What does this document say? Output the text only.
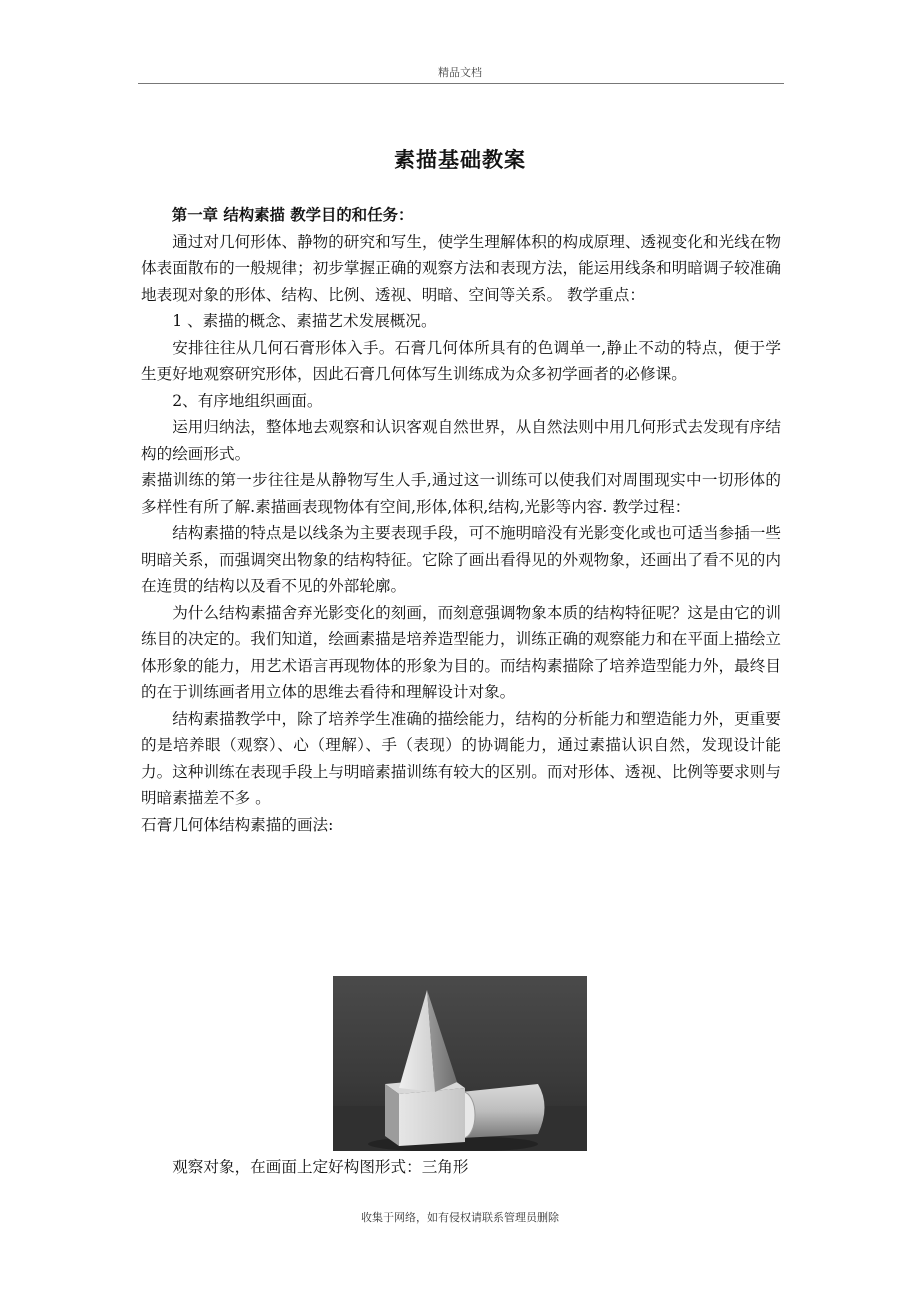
精品文档
素描基础教案

第一章 结构素描 教学目的和任务：

通过对几何形体、静物的研究和写生，使学生理解体积的构成原理、透视变化和光线在物体表面散布的一般规律；初步掌握正确的观察方法和表现方法，能运用线条和明暗调子较准确地表现对象的形体、结构、比例、透视、明暗、空间等关系。 教学重点：

1 、素描的概念、素描艺术发展概况。

安排往往从几何石膏形体入手。石膏几何体所具有的色调单一,静止不动的特点，便于学生更好地观察研究形体，因此石膏几何体写生训练成为众多初学画者的必修课。

2、有序地组织画面。

运用归纳法，整体地去观察和认识客观自然世界，从自然法则中用几何形式去发现有序结构的绘画形式。

素描训练的第一步往往是从静物写生人手,通过这一训练可以使我们对周围现实中一切形体的多样性有所了解.素描画表现物体有空间,形体,体积,结构,光影等内容. 教学过程：

结构素描的特点是以线条为主要表现手段，可不施明暗没有光影变化或也可适当参插一些明暗关系，而强调突出物象的结构特征。它除了画出看得见的外观物象，还画出了看不见的内在连贯的结构以及看不见的外部轮廓。

为什么结构素描舍弃光影变化的刻画，而刻意强调物象本质的结构特征呢？这是由它的训练目的决定的。我们知道，绘画素描是培养造型能力，训练正确的观察能力和在平面上描绘立体形象的能力，用艺术语言再现物体的形象为目的。而结构素描除了培养造型能力外，最终目的在于训练画者用立体的思维去看待和理解设计对象。

结构素描教学中，除了培养学生准确的描绘能力，结构的分析能力和塑造能力外，更重要的是培养眼（观察）、心（理解）、手（表现）的协调能力，通过素描认识自然，发现设计能力。这种训练在表现手段上与明暗素描训练有较大的区别。而对形体、透视、比例等要求则与明暗素描差不多 。

石膏几何体结构素描的画法:

观察对象，在画面上定好构图形式：三角形
收集于网络，如有侵权请联系管理员删除
